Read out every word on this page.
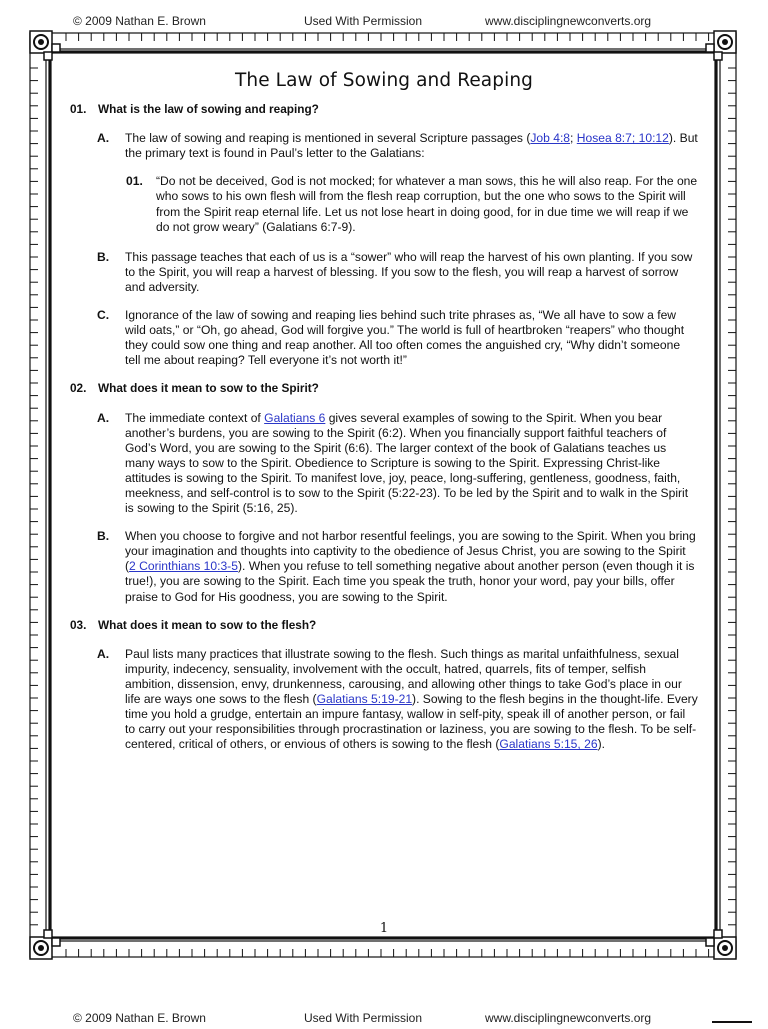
© 2009 Nathan E. Brown	Used With Permission	www.disciplingnewconverts.org
The Law of Sowing and Reaping
01. What is the law of sowing and reaping?
A.	The law of sowing and reaping is mentioned in several Scripture passages (Job 4:8; Hosea 8:7; 10:12). But the primary text is found in Paul’s letter to the Galatians:
01.	“Do not be deceived, God is not mocked; for whatever a man sows, this he will also reap. For the one who sows to his own flesh will from the flesh reap corruption, but the one who sows to the Spirit will from the Spirit reap eternal life. Let us not lose heart in doing good, for in due time we will reap if we do not grow weary” (Galatians 6:7-9).
B.	This passage teaches that each of us is a “sower” who will reap the harvest of his own planting. If you sow to the Spirit, you will reap a harvest of blessing. If you sow to the flesh, you will reap a harvest of sorrow and adversity.
C.	Ignorance of the law of sowing and reaping lies behind such trite phrases as, “We all have to sow a few wild oats,” or “Oh, go ahead, God will forgive you.” The world is full of heartbroken “reapers” who thought they could sow one thing and reap another. All too often comes the anguished cry, “Why didn’t someone tell me about reaping? Tell everyone it’s not worth it!”
02. What does it mean to sow to the Spirit?
A.	The immediate context of Galatians 6 gives several examples of sowing to the Spirit. When you bear another’s burdens, you are sowing to the Spirit (6:2). When you financially support faithful teachers of God’s Word, you are sowing to the Spirit (6:6). The larger context of the book of Galatians teaches us many ways to sow to the Spirit. Obedience to Scripture is sowing to the Spirit. Expressing Christ-like attitudes is sowing to the Spirit. To manifest love, joy, peace, long-suffering, gentleness, goodness, faith, meekness, and self-control is to sow to the Spirit (5:22-23). To be led by the Spirit and to walk in the Spirit is sowing to the Spirit (5:16, 25).
B.	When you choose to forgive and not harbor resentful feelings, you are sowing to the Spirit. When you bring your imagination and thoughts into captivity to the obedience of Jesus Christ, you are sowing to the Spirit (2 Corinthians 10:3-5). When you refuse to tell something negative about another person (even though it is true!), you are sowing to the Spirit. Each time you speak the truth, honor your word, pay your bills, offer praise to God for His goodness, you are sowing to the Spirit.
03. What does it mean to sow to the flesh?
A.	Paul lists many practices that illustrate sowing to the flesh. Such things as marital unfaithfulness, sexual impurity, indecency, sensuality, involvement with the occult, hatred, quarrels, fits of temper, selfish ambition, dissension, envy, drunkenness, carousing, and allowing other things to take God’s place in our life are ways one sows to the flesh (Galatians 5:19-21). Sowing to the flesh begins in the thought-life. Every time you hold a grudge, entertain an impure fantasy, wallow in self-pity, speak ill of another person, or fail to carry out your responsibilities through procrastination or laziness, you are sowing to the flesh. To be self-centered, critical of others, or envious of others is sowing to the flesh (Galatians 5:15, 26).
1
© 2009 Nathan E. Brown	Used With Permission	www.disciplingnewconverts.org
